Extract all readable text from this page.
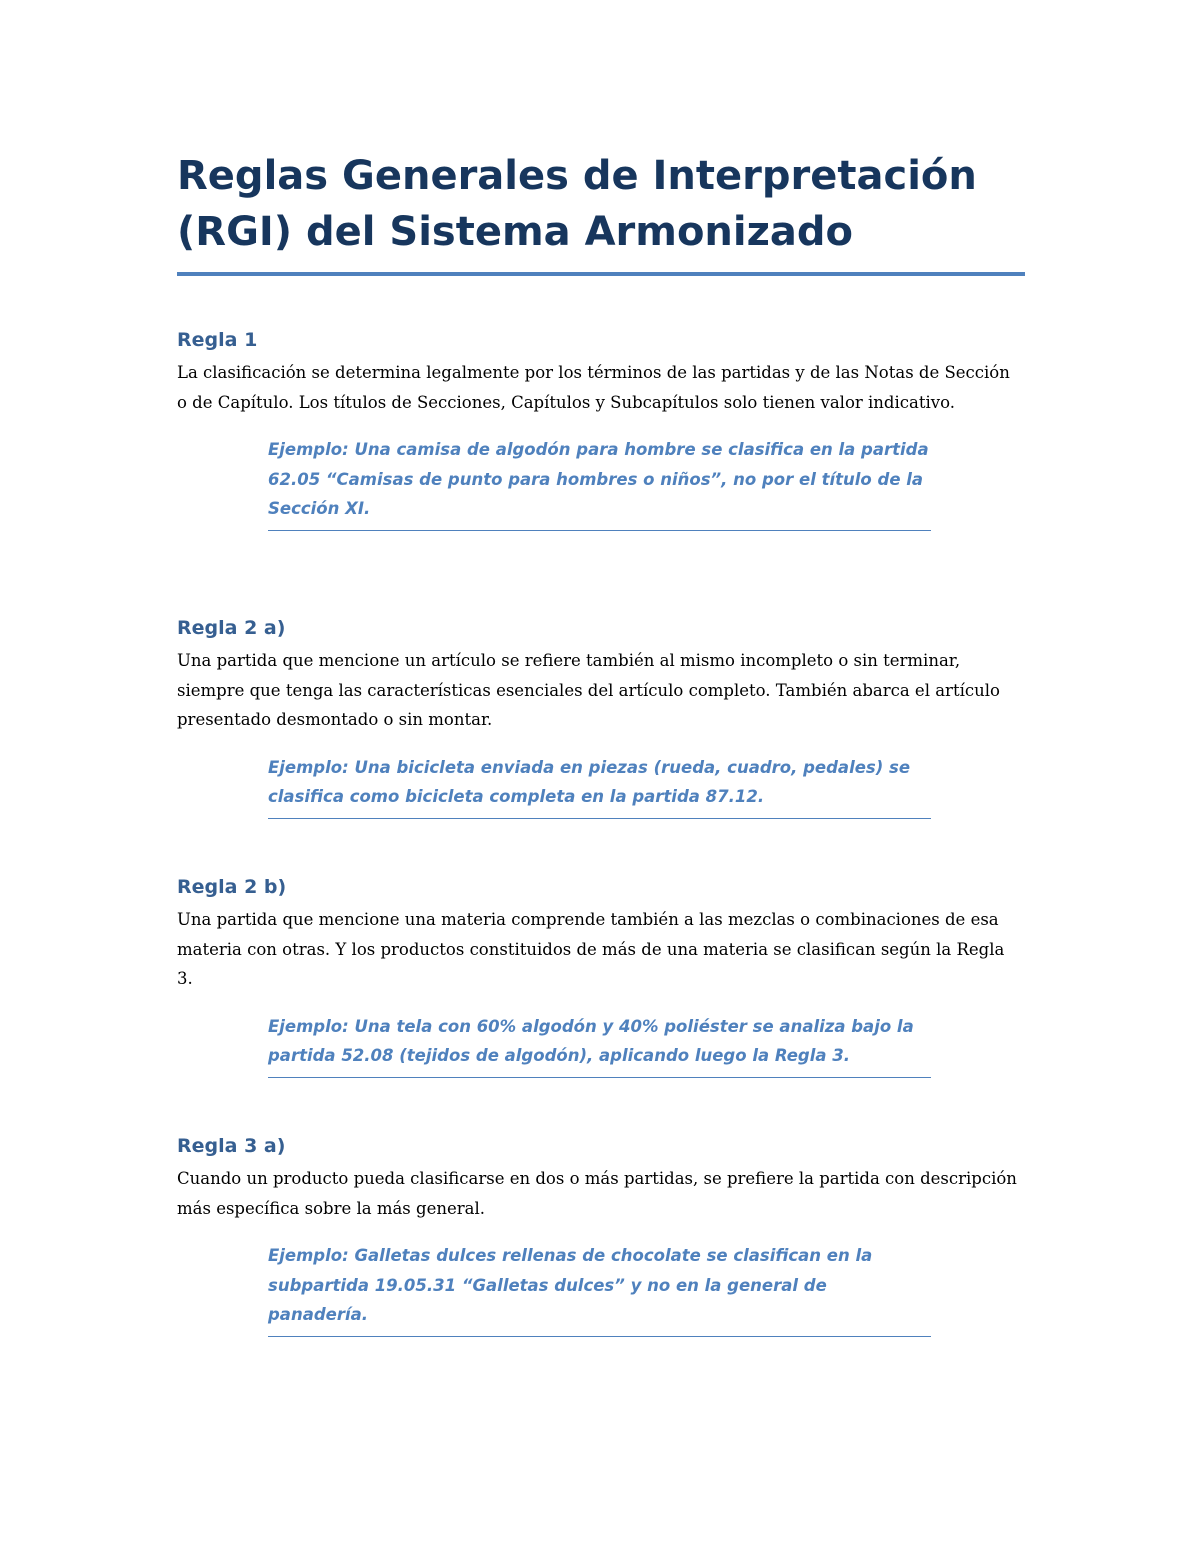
Reglas Generales de Interpretación
(RGI) del Sistema Armonizado
Regla 1

La clasificación se determina legalmente por los términos de las partidas y de las Notas de Sección o de Capítulo. Los títulos de Secciones, Capítulos y Subcapítulos solo tienen valor indicativo.

Ejemplo: Una camisa de algodón para hombre se clasifica en la partida 62.05 “Camisas de punto para hombres o niños”, no por el título de la Sección XI.
Regla 2 a)

Una partida que mencione un artículo se refiere también al mismo incompleto o sin terminar, siempre que tenga las características esenciales del artículo completo. También abarca el artículo presentado desmontado o sin montar.

Ejemplo: Una bicicleta enviada en piezas (rueda, cuadro, pedales) se clasifica como bicicleta completa en la partida 87.12.
Regla 2 b)

Una partida que mencione una materia comprende también a las mezclas o combinaciones de esa materia con otras. Y los productos constituidos de más de una materia se clasifican según la Regla 3.

Ejemplo: Una tela con 60% algodón y 40% poliéster se analiza bajo la partida 52.08 (tejidos de algodón), aplicando luego la Regla 3.
Regla 3 a)

Cuando un producto pueda clasificarse en dos o más partidas, se prefiere la partida con descripción más específica sobre la más general.

Ejemplo: Galletas dulces rellenas de chocolate se clasifican en la subpartida 19.05.31 “Galletas dulces” y no en la general de panadería.
